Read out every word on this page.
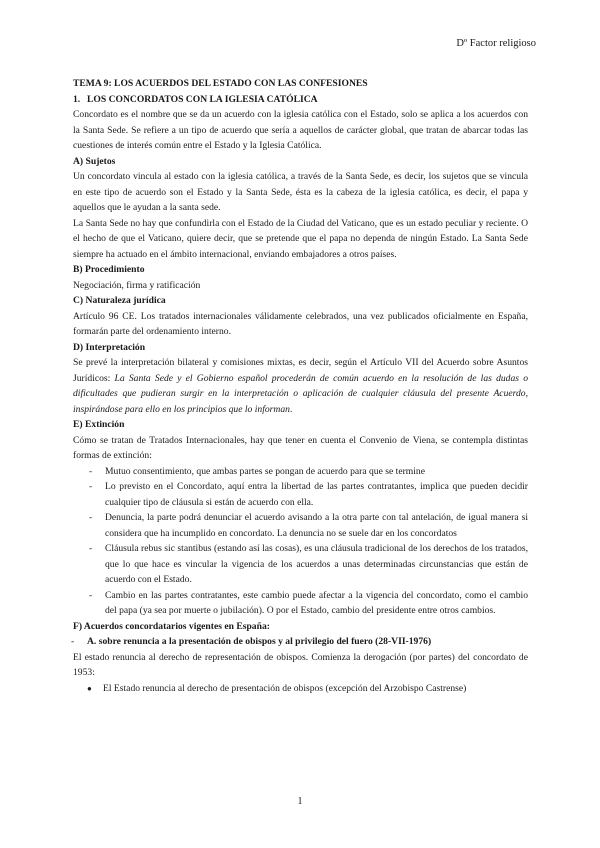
Dº Factor religioso

TEMA 9: LOS ACUERDOS DEL ESTADO CON LAS CONFESIONES

1. LOS CONCORDATOS CON LA IGLESIA CATÓLICA

Concordato es el nombre que se da un acuerdo con la iglesia católica con el Estado, solo se aplica a los acuerdos con la Santa Sede. Se refiere a un tipo de acuerdo que sería a aquellos de carácter global, que tratan de abarcar todas las cuestiones de interés común entre el Estado y la Iglesia Católica.

A) Sujetos

Un concordato vincula al estado con la iglesia católica, a través de la Santa Sede, es decir, los sujetos que se vincula en este tipo de acuerdo son el Estado y la Santa Sede, ésta es la cabeza de la iglesia católica, es decir, el papa y aquellos que le ayudan a la santa sede.

La Santa Sede no hay que confundirla con el Estado de la Ciudad del Vaticano, que es un estado peculiar y reciente. O el hecho de que el Vaticano, quiere decir, que se pretende que el papa no dependa de ningún Estado. La Santa Sede siempre ha actuado en el ámbito internacional, enviando embajadores a otros países.

B) Procedimiento

Negociación, firma y ratificación

C) Naturaleza jurídica

Artículo 96 CE. Los tratados internacionales válidamente celebrados, una vez publicados oficialmente en España, formarán parte del ordenamiento interno.

D) Interpretación

Se prevé la interpretación bilateral y comisiones mixtas, es decir, según el Artículo VII del Acuerdo sobre Asuntos Jurídicos: La Santa Sede y el Gobierno español procederán de común acuerdo en la resolución de las dudas o dificultades que pudieran surgir en la interpretación o aplicación de cualquier cláusula del presente Acuerdo, inspirándose para ello en los principios que lo informan.

E) Extinción

Cómo se tratan de Tratados Internacionales, hay que tener en cuenta el Convenio de Viena, se contempla distintas formas de extinción:

- Mutuo consentimiento, que ambas partes se pongan de acuerdo para que se termine
- Lo previsto en el Concordato, aquí entra la libertad de las partes contratantes, implica que pueden decidir cualquier tipo de cláusula si están de acuerdo con ella.
- Denuncia, la parte podrá denunciar el acuerdo avisando a la otra parte con tal antelación, de igual manera si considera que ha incumplido en concordato. La denuncia no se suele dar en los concordatos
- Cláusula rebus sic stantibus (estando así las cosas), es una cláusula tradicional de los derechos de los tratados, que lo que hace es vincular la vigencia de los acuerdos a unas determinadas circunstancias que están de acuerdo con el Estado.
- Cambio en las partes contratantes, este cambio puede afectar a la vigencia del concordato, como el cambio del papa (ya sea por muerte o jubilación). O por el Estado, cambio del presidente entre otros cambios.

F) Acuerdos concordatarios vigentes en España:

- A. sobre renuncia a la presentación de obispos y al privilegio del fuero (28-VII-1976)

El estado renuncia al derecho de representación de obispos. Comienza la derogación (por partes) del concordato de 1953:

● El Estado renuncia al derecho de presentación de obispos (excepción del Arzobispo Castrense)
1
